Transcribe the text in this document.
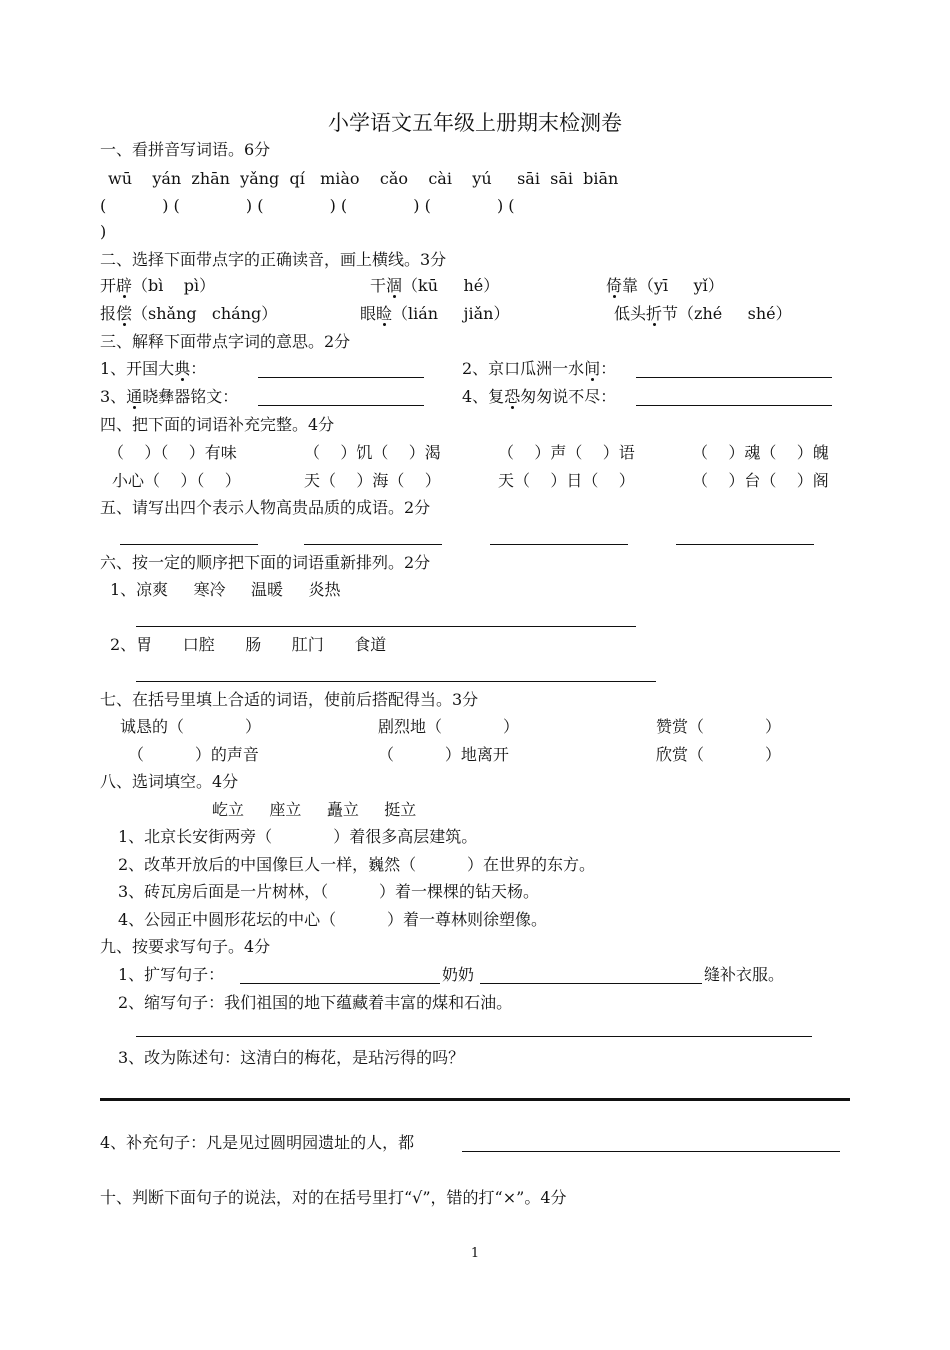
小学语文五年级上册期末检测卷
一、看拼音写词语。6分
wū    yán  zhān  yǎng  qí   miào    cǎo    cài    yú     sāi  sāi  biān
(           ) (             ) (             ) (             ) (             ) (
)
二、选择下面带点字的正确读音，画上横线。3分
开辟（bì    pì）	干涸（kū     hé）	倚靠（yī     yǐ）
报偿（shǎng   cháng）	眼睑（lián     jiǎn）	低头折节（zhé     shé）
三、解释下面带点字词的意思。2分
1、开国大典：	2、京口瓜洲一水间：
3、通晓彝器铭文：	4、复恐匆匆说不尽：
四、把下面的词语补充完整。4分
（    ）（    ）有味	（    ）饥（    ）渴	（    ）声（    ）语	（    ）魂（    ）魄
小心（    ）（    ）	天（    ）海（    ）	天（    ）日（    ）	（    ）台（    ）阁
五、请写出四个表示人物高贵品质的成语。2分
六、按一定的顺序把下面的词语重新排列。2分
1、凉爽     寒冷     温暖     炎热
2、胃      口腔      肠      肛门      食道
七、在括号里填上合适的词语，使前后搭配得当。3分
诚恳的（            ）	剧烈地（            ）	赞赏（            ）
（          ）的声音	（          ）地离开	欣赏（            ）
八、选词填空。4分
屹立     座立     矗立     挺立
1、北京长安街两旁（            ）着很多高层建筑。
2、改革开放后的中国像巨人一样，巍然（          ）在世界的东方。
3、砖瓦房后面是一片树林，（          ）着一棵棵的钻天杨。
4、公园正中圆形花坛的中心（          ）着一尊林则徐塑像。
九、按要求写句子。4分
1、扩写句子：	奶奶	缝补衣服。
2、缩写句子：我们祖国的地下蕴藏着丰富的煤和石油。
3、改为陈述句：这清白的梅花，是玷污得的吗？
4、补充句子：凡是见过圆明园遗址的人，都
十、判断下面句子的说法，对的在括号里打“√”，错的打“×”。4分
1
